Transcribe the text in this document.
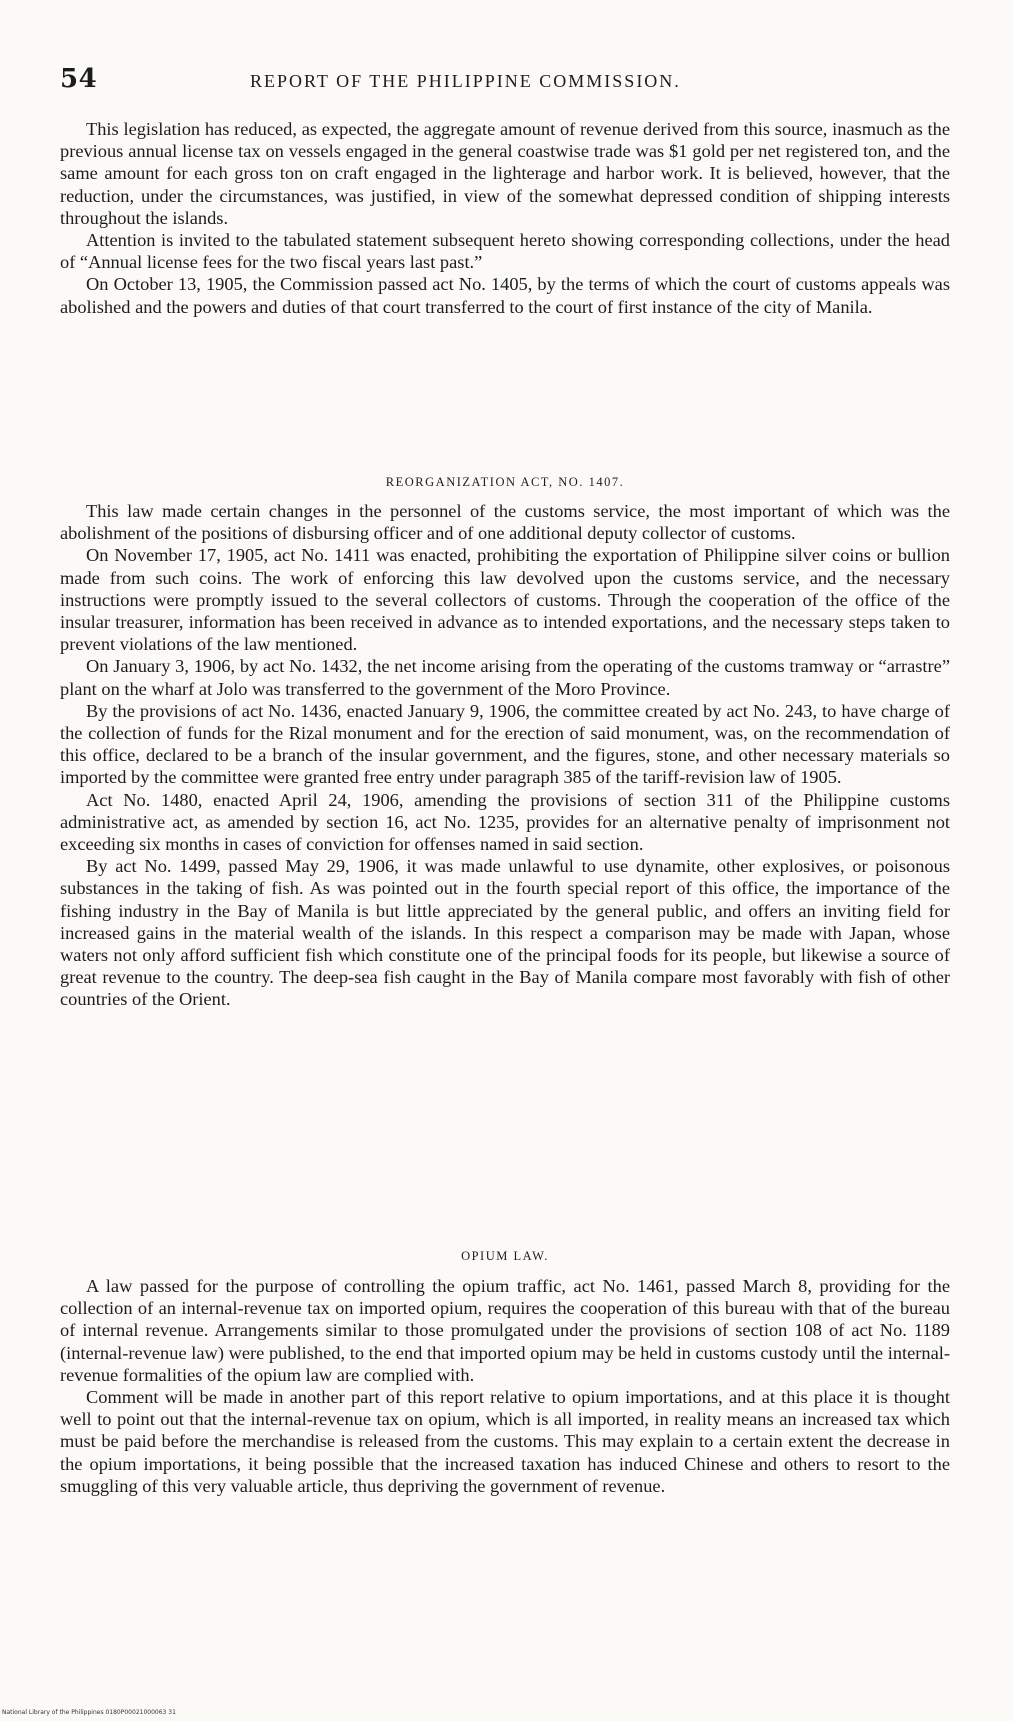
54	REPORT OF THE PHILIPPINE COMMISSION.

This legislation has reduced, as expected, the aggregate amount of revenue derived from this source, inasmuch as the previous annual license tax on vessels engaged in the general coastwise trade was $1 gold per net registered ton, and the same amount for each gross ton on craft engaged in the lighterage and harbor work. It is believed, however, that the reduction, under the circumstances, was justified, in view of the somewhat depressed condition of shipping interests throughout the islands.

Attention is invited to the tabulated statement subsequent hereto showing corresponding collections, under the head of “Annual license fees for the two fiscal years last past.”

On October 13, 1905, the Commission passed act No. 1405, by the terms of which the court of customs appeals was abolished and the powers and duties of that court transferred to the court of first instance of the city of Manila.

REORGANIZATION ACT, NO. 1407.

This law made certain changes in the personnel of the customs service, the most important of which was the abolishment of the positions of disbursing officer and of one additional deputy collector of customs.

On November 17, 1905, act No. 1411 was enacted, prohibiting the exportation of Philippine silver coins or bullion made from such coins. The work of enforcing this law devolved upon the customs service, and the necessary instructions were promptly issued to the several collectors of customs. Through the cooperation of the office of the insular treasurer, information has been received in advance as to intended exportations, and the necessary steps taken to prevent violations of the law mentioned.

On January 3, 1906, by act No. 1432, the net income arising from the operating of the customs tramway or “arrastre” plant on the wharf at Jolo was transferred to the government of the Moro Province.

By the provisions of act No. 1436, enacted January 9, 1906, the committee created by act No. 243, to have charge of the collection of funds for the Rizal monument and for the erection of said monument, was, on the recommendation of this office, declared to be a branch of the insular government, and the figures, stone, and other necessary materials so imported by the committee were granted free entry under paragraph 385 of the tariff-revision law of 1905.

Act No. 1480, enacted April 24, 1906, amending the provisions of section 311 of the Philippine customs administrative act, as amended by section 16, act No. 1235, provides for an alternative penalty of imprisonment not exceeding six months in cases of conviction for offenses named in said section.

By act No. 1499, passed May 29, 1906, it was made unlawful to use dynamite, other explosives, or poisonous substances in the taking of fish. As was pointed out in the fourth special report of this office, the importance of the fishing industry in the Bay of Manila is but little appreciated by the general public, and offers an inviting field for increased gains in the material wealth of the islands. In this respect a comparison may be made with Japan, whose waters not only afford sufficient fish which constitute one of the principal foods for its people, but likewise a source of great revenue to the country. The deep-sea fish caught in the Bay of Manila compare most favorably with fish of other countries of the Orient.

OPIUM LAW.

A law passed for the purpose of controlling the opium traffic, act No. 1461, passed March 8, providing for the collection of an internal-revenue tax on imported opium, requires the cooperation of this bureau with that of the bureau of internal revenue. Arrangements similar to those promulgated under the provisions of section 108 of act No. 1189 (internal-revenue law) were published, to the end that imported opium may be held in customs custody until the internal-revenue formalities of the opium law are complied with.

Comment will be made in another part of this report relative to opium importations, and at this place it is thought well to point out that the internal-revenue tax on opium, which is all imported, in reality means an increased tax which must be paid before the merchandise is released from the customs. This may explain to a certain extent the decrease in the opium importations, it being possible that the increased taxation has induced Chinese and others to resort to the smuggling of this very valuable article, thus depriving the government of revenue.

National Library of the Philippines 0180P00021000063 31
